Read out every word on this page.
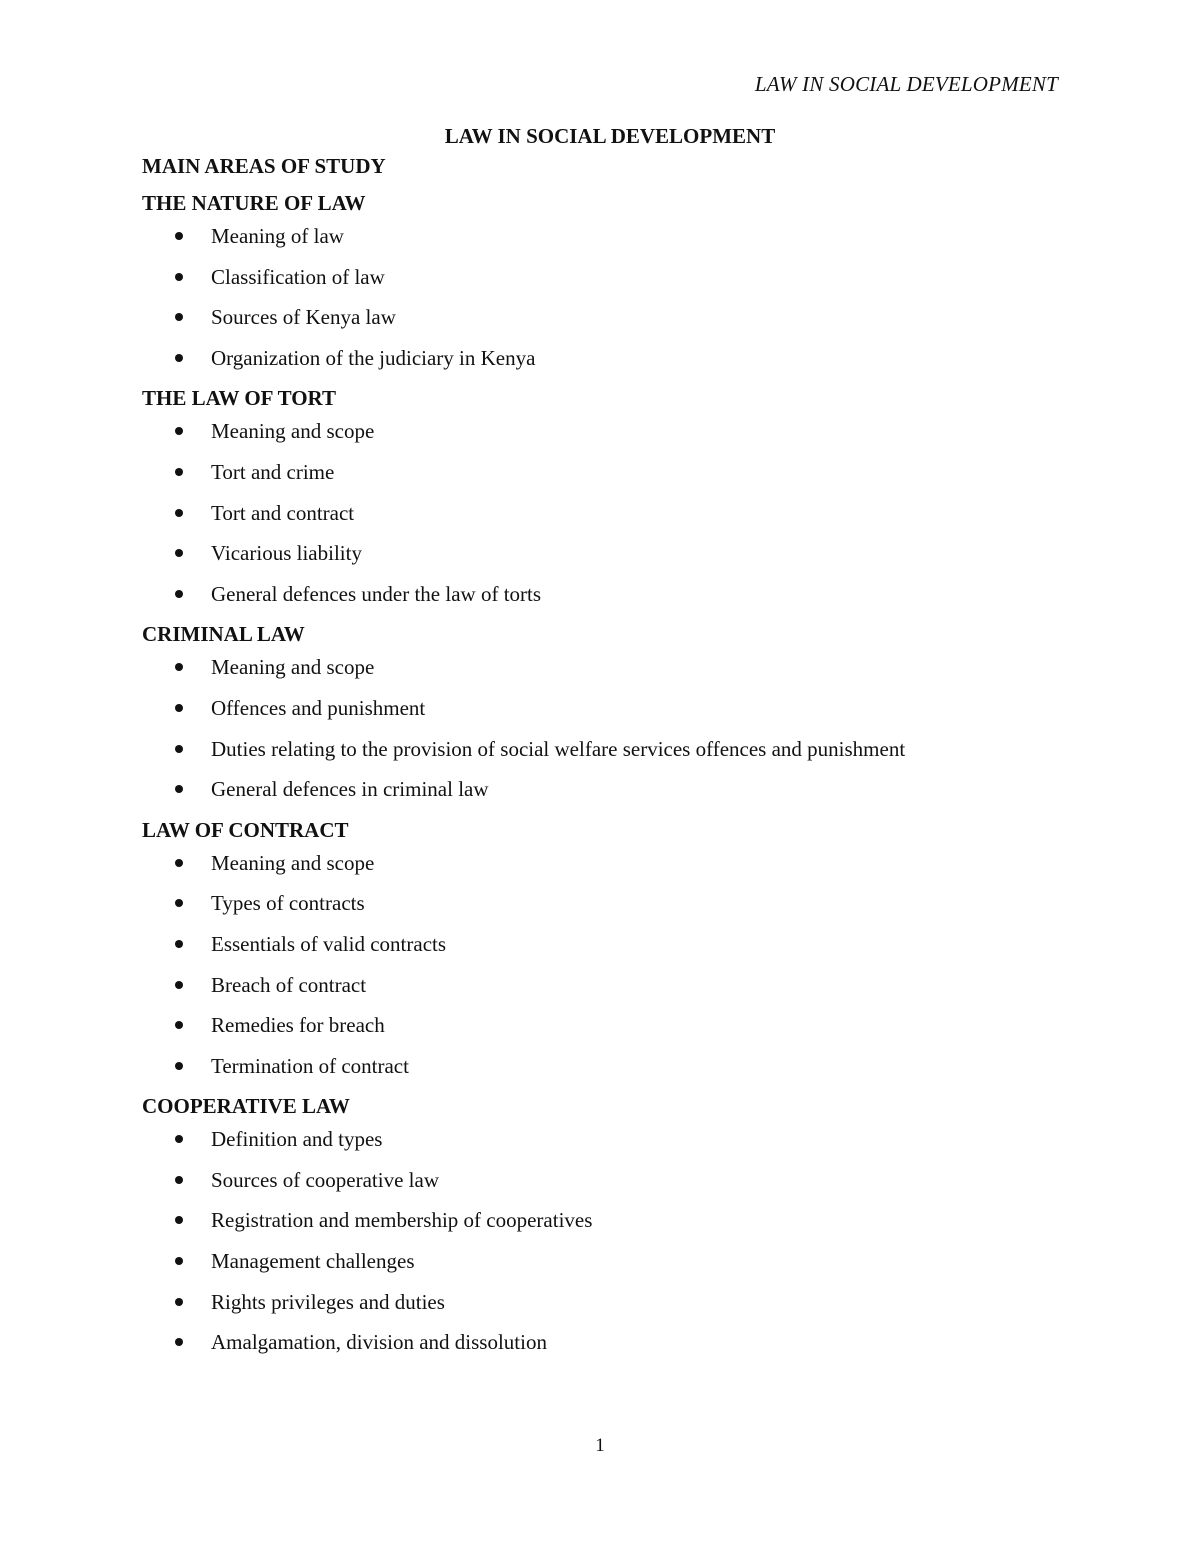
LAW IN SOCIAL DEVELOPMENT
LAW IN SOCIAL DEVELOPMENT
MAIN AREAS OF STUDY
THE NATURE OF LAW
Meaning of law
Classification of law
Sources of Kenya law
Organization of the judiciary in Kenya
THE LAW OF TORT
Meaning and scope
Tort and crime
Tort and contract
Vicarious liability
General defences under the law of torts
CRIMINAL LAW
Meaning and scope
Offences and punishment
Duties relating to the provision of social welfare services offences and punishment
General defences in criminal law
LAW OF CONTRACT
Meaning and scope
Types of contracts
Essentials of valid contracts
Breach of contract
Remedies for breach
Termination of contract
COOPERATIVE LAW
Definition and types
Sources of cooperative law
Registration and membership of cooperatives
Management challenges
Rights privileges and duties
Amalgamation, division and dissolution
1
